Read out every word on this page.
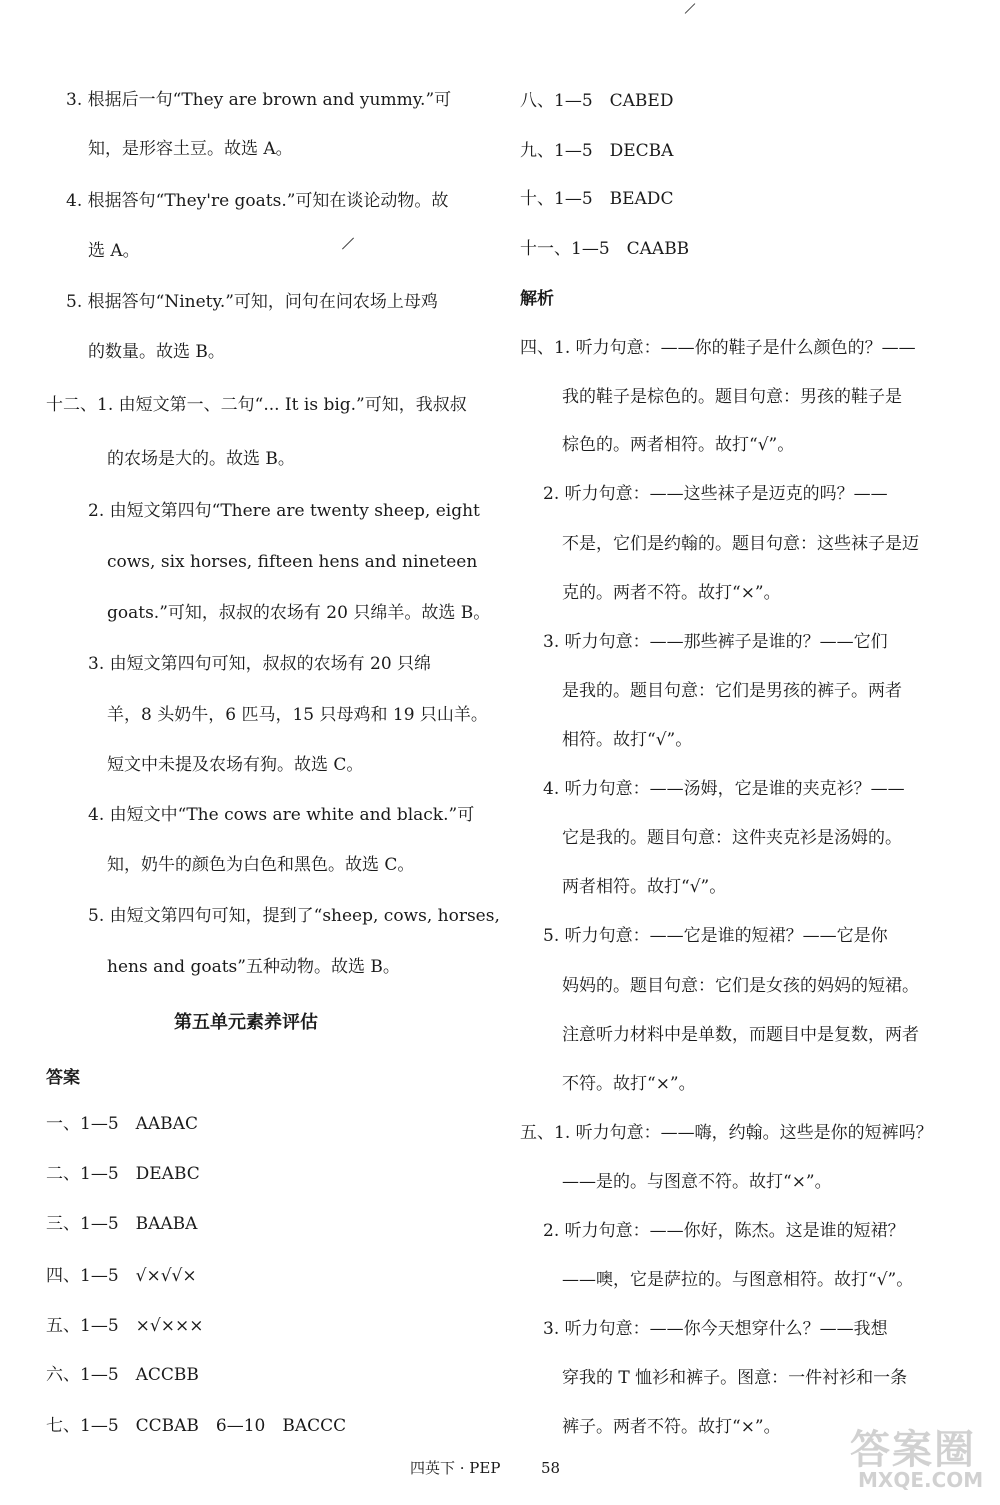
3. 根据后一句“They are brown and yummy.”可
知，是形容土豆。故选 A。
4. 根据答句“They're goats.”可知在谈论动物。故
选 A。
5. 根据答句“Ninety.”可知，问句在问农场上母鸡
的数量。故选 B。
十二、1. 由短文第一、二句“... It is big.”可知，我叔叔
的农场是大的。故选 B。
2. 由短文第四句“There are twenty sheep, eight
cows, six horses, fifteen hens and nineteen
goats.”可知，叔叔的农场有 20 只绵羊。故选 B。
3. 由短文第四句可知，叔叔的农场有 20 只绵
羊，8 头奶牛，6 匹马，15 只母鸡和 19 只山羊。
短文中未提及农场有狗。故选 C。
4. 由短文中“The cows are white and black.”可
知，奶牛的颜色为白色和黑色。故选 C。
5. 由短文第四句可知，提到了“sheep, cows, horses,
hens and goats”五种动物。故选 B。
第五单元素养评估
答案
一、1—5　AABAC
二、1—5　DEABC
三、1—5　BAABA
四、1—5　√×√√×
五、1—5　×√×××
六、1—5　ACCBB
七、1—5　CCBAB　6—10　BACCC
八、1—5　CABED
九、1—5　DECBA
十、1—5　BEADC
十一、1—5　CAABB
解析
四、1. 听力句意：——你的鞋子是什么颜色的？——
我的鞋子是棕色的。题目句意：男孩的鞋子是
棕色的。两者相符。故打“√”。
2. 听力句意：——这些袜子是迈克的吗？——
不是，它们是约翰的。题目句意：这些袜子是迈
克的。两者不符。故打“×”。
3. 听力句意：——那些裤子是谁的？——它们
是我的。题目句意：它们是男孩的裤子。两者
相符。故打“√”。
4. 听力句意：——汤姆，它是谁的夹克衫？——
它是我的。题目句意：这件夹克衫是汤姆的。
两者相符。故打“√”。
5. 听力句意：——它是谁的短裙？——它是你
妈妈的。题目句意：它们是女孩的妈妈的短裙。
注意听力材料中是单数，而题目中是复数，两者
不符。故打“×”。
五、1. 听力句意：——嗨，约翰。这些是你的短裤吗？
——是的。与图意不符。故打“×”。
2. 听力句意：——你好，陈杰。这是谁的短裙？
——噢，它是萨拉的。与图意相符。故打“√”。
3. 听力句意：——你今天想穿什么？——我想
穿我的 T 恤衫和裤子。图意：一件衬衫和一条
裤子。两者不符。故打“×”。
四英下 · PEP	58	答案圈
MXQE.COM
